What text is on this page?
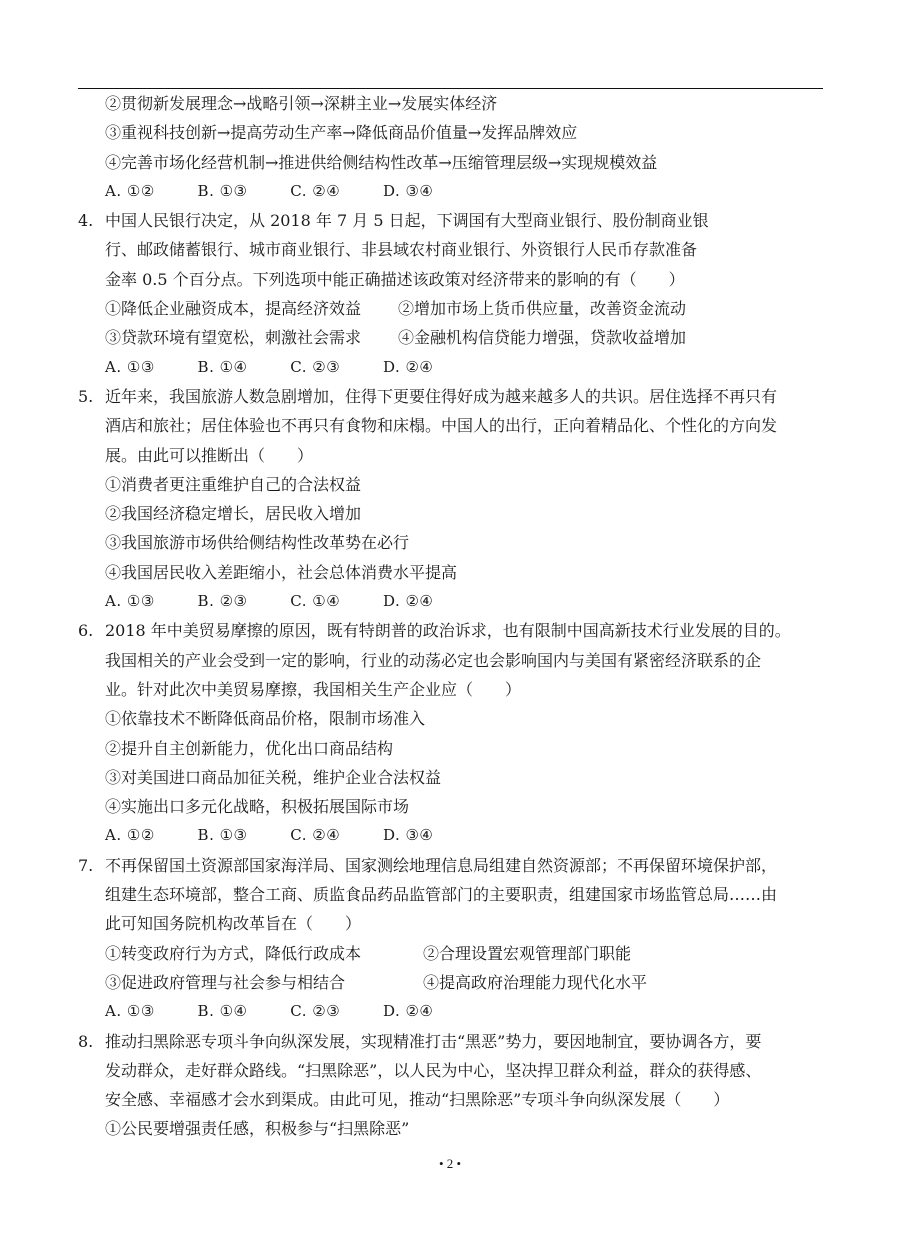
②贯彻新发展理念→战略引领→深耕主业→发展实体经济
③重视科技创新→提高劳动生产率→降低商品价值量→发挥品牌效应
④完善市场化经营机制→推进供给侧结构性改革→压缩管理层级→实现规模效益
A. ①②	B. ①③	C. ②④	D. ③④
4. 中国人民银行决定，从 2018 年 7 月 5 日起，下调国有大型商业银行、股份制商业银
行、邮政储蓄银行、城市商业银行、非县域农村商业银行、外资银行人民币存款准备
金率 0.5 个百分点。下列选项中能正确描述该政策对经济带来的影响的有（　　）
①降低企业融资成本，提高经济效益 ②增加市场上货币供应量，改善资金流动
③贷款环境有望宽松，刺激社会需求 ④金融机构信贷能力增强，贷款收益增加
A. ①③	B. ①④	C. ②③	D. ②④
5. 近年来，我国旅游人数急剧增加，住得下更要住得好成为越来越多人的共识。居住选择不再只有
酒店和旅社；居住体验也不再只有食物和床榻。中国人的出行，正向着精品化、个性化的方向发
展。由此可以推断出（　　）
①消费者更注重维护自己的合法权益
②我国经济稳定增长，居民收入增加
③我国旅游市场供给侧结构性改革势在必行
④我国居民收入差距缩小，社会总体消费水平提高
A. ①③	B. ②③	C. ①④	D. ②④
6. 2018 年中美贸易摩擦的原因，既有特朗普的政治诉求，也有限制中国高新技术行业发展的目的。
我国相关的产业会受到一定的影响，行业的动荡必定也会影响国内与美国有紧密经济联系的企
业。针对此次中美贸易摩擦，我国相关生产企业应（　　）
①依靠技术不断降低商品价格，限制市场准入
②提升自主创新能力，优化出口商品结构
③对美国进口商品加征关税，维护企业合法权益
④实施出口多元化战略，积极拓展国际市场
A. ①②	B. ①③	C. ②④	D. ③④
7. 不再保留国土资源部国家海洋局、国家测绘地理信息局组建自然资源部；不再保留环境保护部，
组建生态环境部，整合工商、质监食品药品监管部门的主要职责，组建国家市场监管总局……由
此可知国务院机构改革旨在（　　）
①转变政府行为方式，降低行政成本	②合理设置宏观管理部门职能
③促进政府管理与社会参与相结合	④提高政府治理能力现代化水平
A. ①③	B. ①④	C. ②③	D. ②④
8. 推动扫黑除恶专项斗争向纵深发展，实现精准打击“黑恶”势力，要因地制宜，要协调各方，要
发动群众，走好群众路线。“扫黑除恶”，以人民为中心，坚决捍卫群众利益，群众的获得感、
安全感、幸福感才会水到渠成。由此可见，推动“扫黑除恶”专项斗争向纵深发展（　　）
①公民要增强责任感，积极参与“扫黑除恶”
• 2 •
